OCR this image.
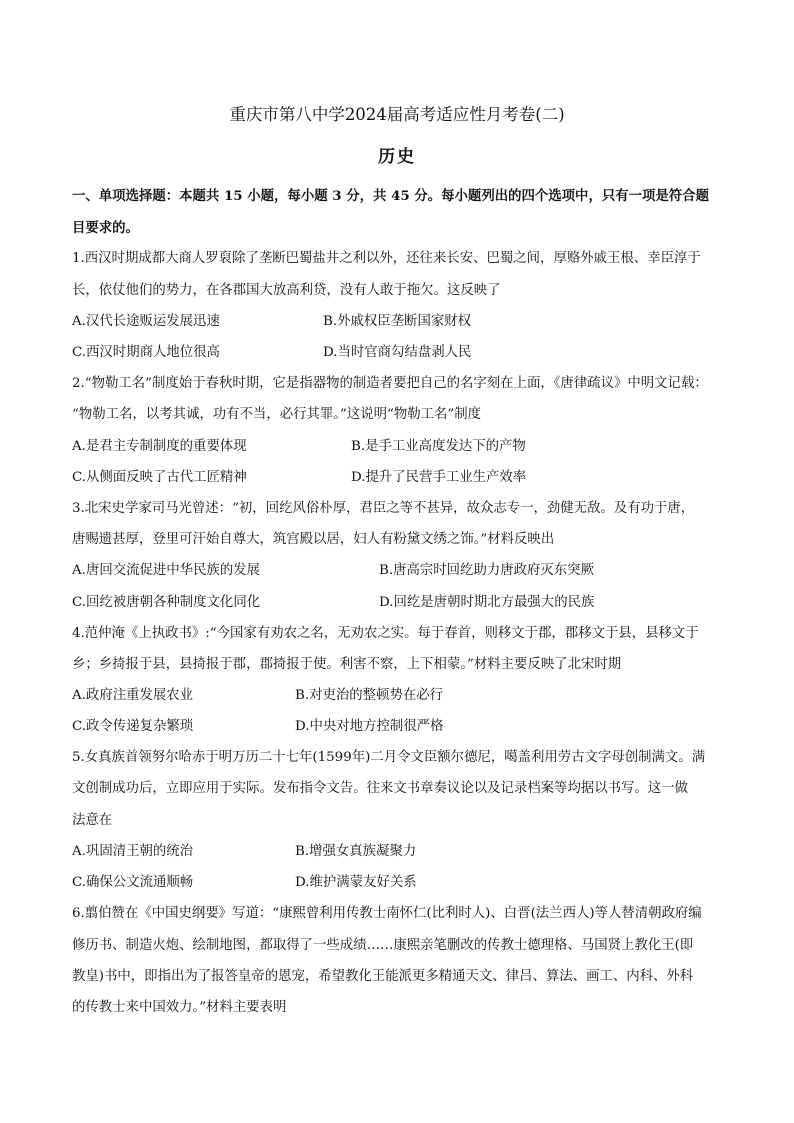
重庆市第八中学2024届高考适应性月考卷(二)
历史
一、单项选择题：本题共 15 小题，每小题 3 分，共 45 分。每小题列出的四个选项中，只有一项是符合题
目要求的。
1.西汉时期成都大商人罗裒除了垄断巴蜀盐井之利以外，还往来长安、巴蜀之间，厚赂外戚王根、幸臣淳于
长，依仗他们的势力，在各郡国大放高利贷，没有人敢于拖欠。这反映了
A.汉代长途贩运发展迅速	B.外戚权臣垄断国家财权
C.西汉时期商人地位很高	D.当时官商勾结盘剥人民
2.“物勒工名”制度始于春秋时期，它是指器物的制造者要把自己的名字刻在上面，《唐律疏议》中明文记载：
“物勒工名，以考其诚，功有不当，必行其罪。”这说明“物勒工名”制度
A.是君主专制制度的重要体现	B.是手工业高度发达下的产物
C.从侧面反映了古代工匠精神	D.提升了民营手工业生产效率
3.北宋史学家司马光曾述：“初，回纥风俗朴厚，君臣之等不甚异，故众志专一，劲健无敌。及有功于唐，
唐赐遗甚厚，登里可汗始自尊大，筑宫殿以居，妇人有粉黛文绣之饰。”材料反映出
A.唐回交流促进中华民族的发展	B.唐高宗时回纥助力唐政府灭东突厥
C.回纥被唐朝各种制度文化同化	D.回纥是唐朝时期北方最强大的民族
4.范仲淹《上执政书》:“今国家有劝农之名，无劝农之实。每于春首，则移文于郡，郡移文于县，县移文于
乡；乡掎报于县，县掎报于郡，郡掎报于使。利害不察，上下相蒙。”材料主要反映了北宋时期
A.政府注重发展农业	B.对吏治的整顿势在必行
C.政令传递复杂繁琐	D.中央对地方控制很严格
5.女真族首领努尔哈赤于明万历二十七年(1599年)二月令文臣额尔德尼，噶盖利用劳古文字母创制满文。满
文创制成功后，立即应用于实际。发布指令文告。往来文书章奏议论以及记录档案等均据以书写。这一做
法意在
A.巩固清王朝的统治	B.增强女真族凝聚力
C.确保公文流通顺畅	D.维护满蒙友好关系
6.翦伯赞在《中国史纲要》写道：“康熙曾利用传教士南怀仁(比利时人)、白晋(法兰西人)等人替清朝政府编
修历书、制造火炮、绘制地图，都取得了一些成绩……康熙亲笔删改的传教士德理格、马国贤上教化王(即
教皇)书中，即指出为了报答皇帝的恩宠，希望教化王能派更多精通天文、律吕、算法、画工、内科、外科
的传教士来中国效力。”材料主要表明
